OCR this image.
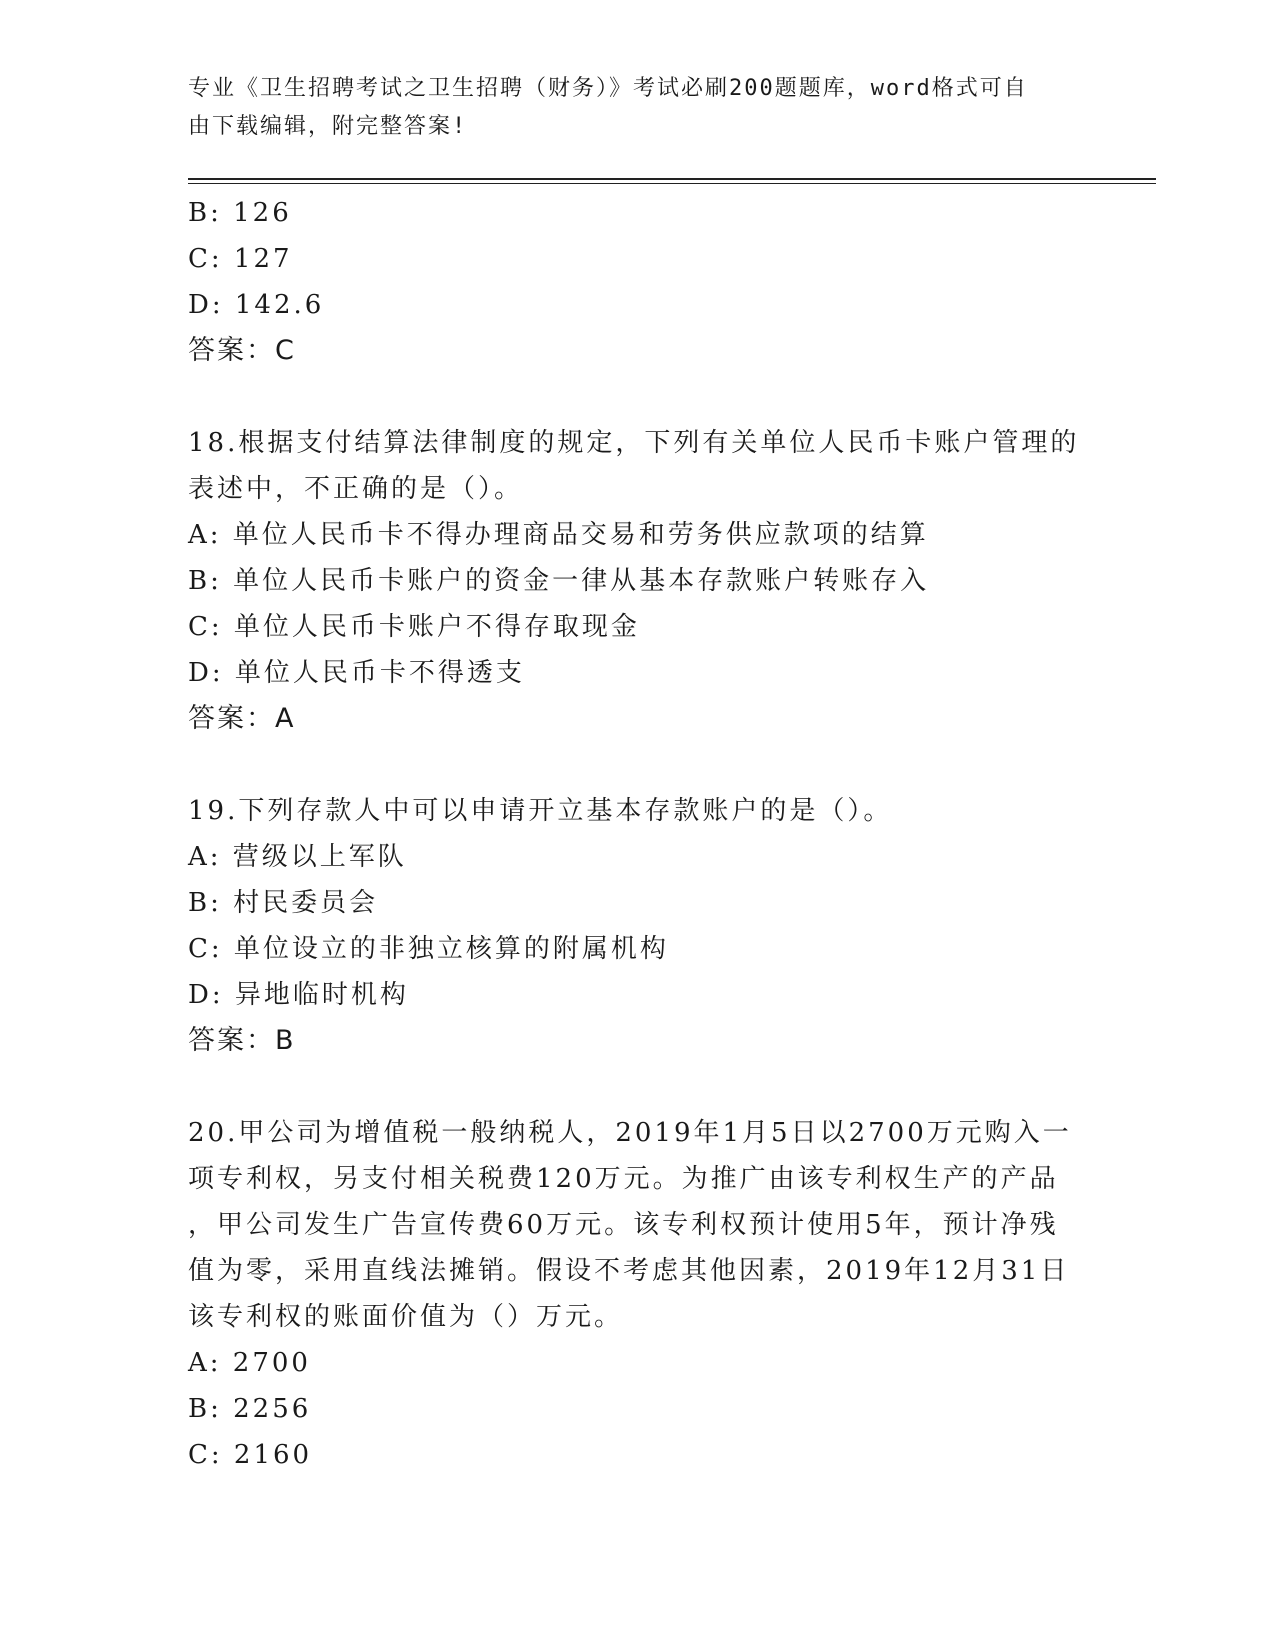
专业《卫生招聘考试之卫生招聘（财务）》考试必刷200题题库，word格式可自
由下载编辑，附完整答案!
B: 126
C: 127
D: 142.6
答案：C
18.根据支付结算法律制度的规定，下列有关单位人民币卡账户管理的
表述中，不正确的是（）。
A: 单位人民币卡不得办理商品交易和劳务供应款项的结算
B: 单位人民币卡账户的资金一律从基本存款账户转账存入
C: 单位人民币卡账户不得存取现金
D: 单位人民币卡不得透支
答案：A
19.下列存款人中可以申请开立基本存款账户的是（）。
A: 营级以上军队
B: 村民委员会
C: 单位设立的非独立核算的附属机构
D: 异地临时机构
答案：B
20.甲公司为增值税一般纳税人，2019年1月5日以2700万元购入一
项专利权，另支付相关税费120万元。为推广由该专利权生产的产品
，甲公司发生广告宣传费60万元。该专利权预计使用5年，预计净残
值为零，采用直线法摊销。假设不考虑其他因素，2019年12月31日
该专利权的账面价值为（）万元。
A: 2700
B: 2256
C: 2160
